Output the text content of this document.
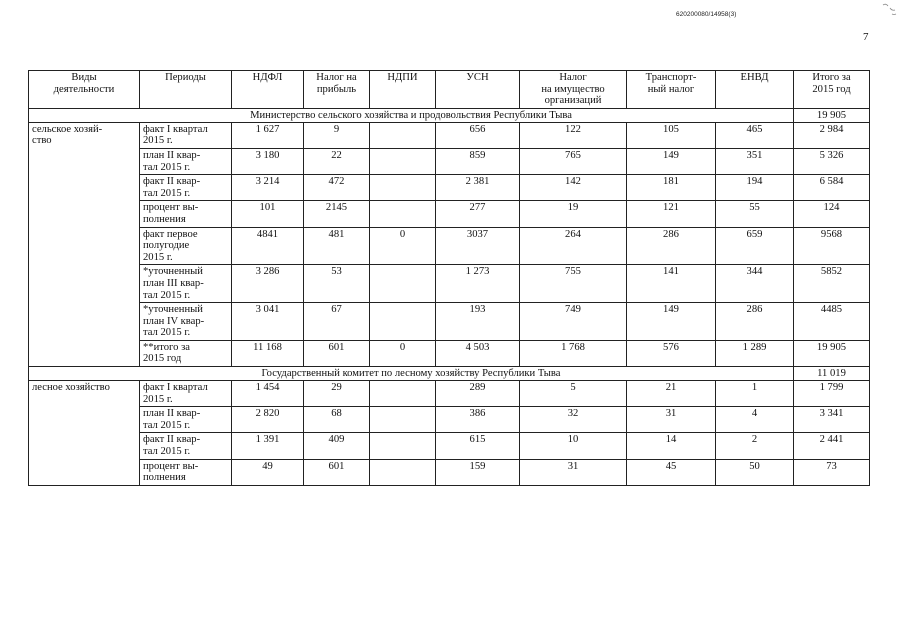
620200080/14958(3)
7
Виды
деятельности	Периоды	НДФЛ	Налог на
прибыль	НДПИ	УСН	Налог
на имущество
организаций	Транспорт-
ный налог	ЕНВД	Итого за
2015 год

Министерство сельского хозяйства и продовольствия Республики Тыва									19 905

сельское хозяй-
ство	факт I квартал
2015 г.	1 627	9		656	122	105	465	2 984

	план II квар-
тал 2015 г.	3 180	22		859	765	149	351	5 326

	факт II квар-
тал 2015 г.	3 214	472		2 381	142	181	194	6 584

	процент вы-
полнения	101	2145		277	19	121	55	124

	факт первое
полугодие
2015 г.	4841	481	0	3037	264	286	659	9568

	*уточненный
план III квар-
тал 2015 г.	3 286	53		1 273	755	141	344	5852

	*уточненный
план IV квар-
тал 2015 г.	3 041	67		193	749	149	286	4485

	**итого за
2015 год	11 168	601	0	4 503	1 768	576	1 289	19 905
Государственный комитет по лесному хозяйству Республики Тыва									11 019

лесное хозяйство	факт I квартал
2015 г.	1 454	29		289	5	21	1	1 799

	план II квар-
тал 2015 г.	2 820	68		386	32	31	4	3 341

	факт II квар-
тал 2015 г.	1 391	409		615	10	14	2	2 441

	процент вы-
полнения	49	601		159	31	45	50	73
